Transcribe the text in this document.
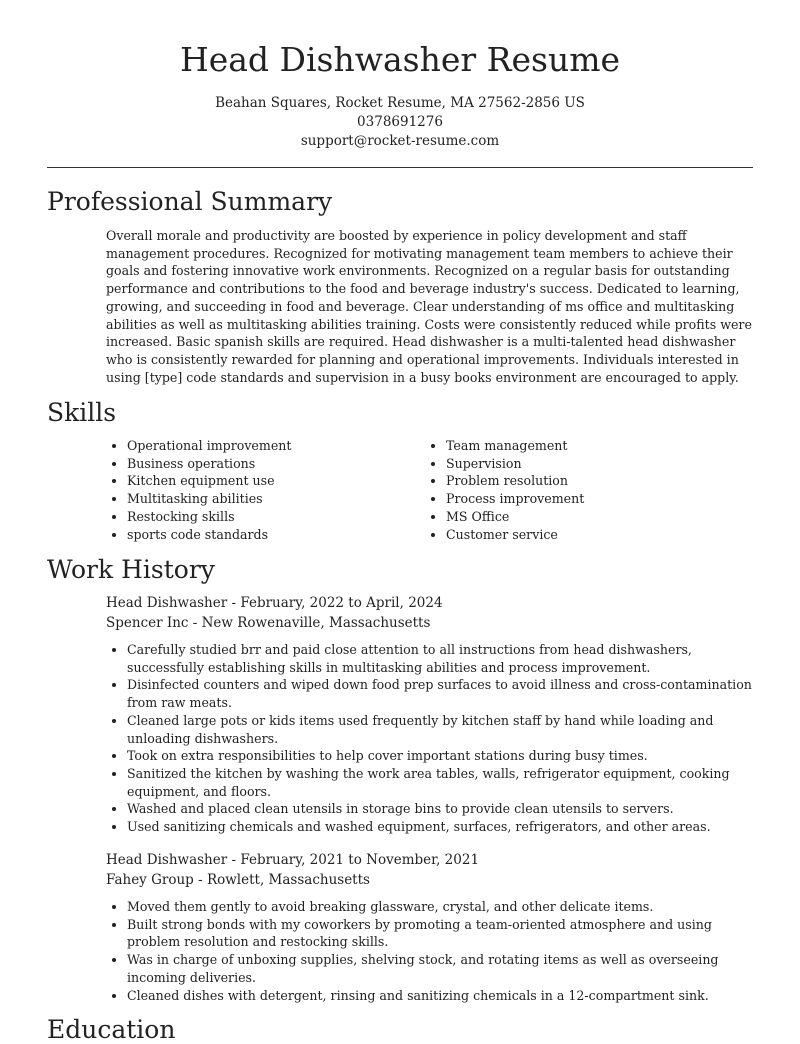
Head Dishwasher Resume
Beahan Squares, Rocket Resume, MA 27562-2856 US
0378691276
support@rocket-resume.com
Professional Summary
Overall morale and productivity are boosted by experience in policy development and staff management procedures. Recognized for motivating management team members to achieve their goals and fostering innovative work environments. Recognized on a regular basis for outstanding performance and contributions to the food and beverage industry's success. Dedicated to learning, growing, and succeeding in food and beverage. Clear understanding of ms office and multitasking abilities as well as multitasking abilities training. Costs were consistently reduced while profits were increased. Basic spanish skills are required. Head dishwasher is a multi-talented head dishwasher who is consistently rewarded for planning and operational improvements. Individuals interested in using [type] code standards and supervision in a busy books environment are encouraged to apply.
Skills
Operational improvement
Business operations
Kitchen equipment use
Multitasking abilities
Restocking skills
sports code standards
Team management
Supervision
Problem resolution
Process improvement
MS Office
Customer service
Work History
Head Dishwasher - February, 2022 to April, 2024
Spencer Inc - New Rowenaville, Massachusetts
Carefully studied brr and paid close attention to all instructions from head dishwashers, successfully establishing skills in multitasking abilities and process improvement.
Disinfected counters and wiped down food prep surfaces to avoid illness and cross-contamination from raw meats.
Cleaned large pots or kids items used frequently by kitchen staff by hand while loading and unloading dishwashers.
Took on extra responsibilities to help cover important stations during busy times.
Sanitized the kitchen by washing the work area tables, walls, refrigerator equipment, cooking equipment, and floors.
Washed and placed clean utensils in storage bins to provide clean utensils to servers.
Used sanitizing chemicals and washed equipment, surfaces, refrigerators, and other areas.
Head Dishwasher - February, 2021 to November, 2021
Fahey Group - Rowlett, Massachusetts
Moved them gently to avoid breaking glassware, crystal, and other delicate items.
Built strong bonds with my coworkers by promoting a team-oriented atmosphere and using problem resolution and restocking skills.
Was in charge of unboxing supplies, shelving stock, and rotating items as well as overseeing incoming deliveries.
Cleaned dishes with detergent, rinsing and sanitizing chemicals in a 12-compartment sink.
Education
